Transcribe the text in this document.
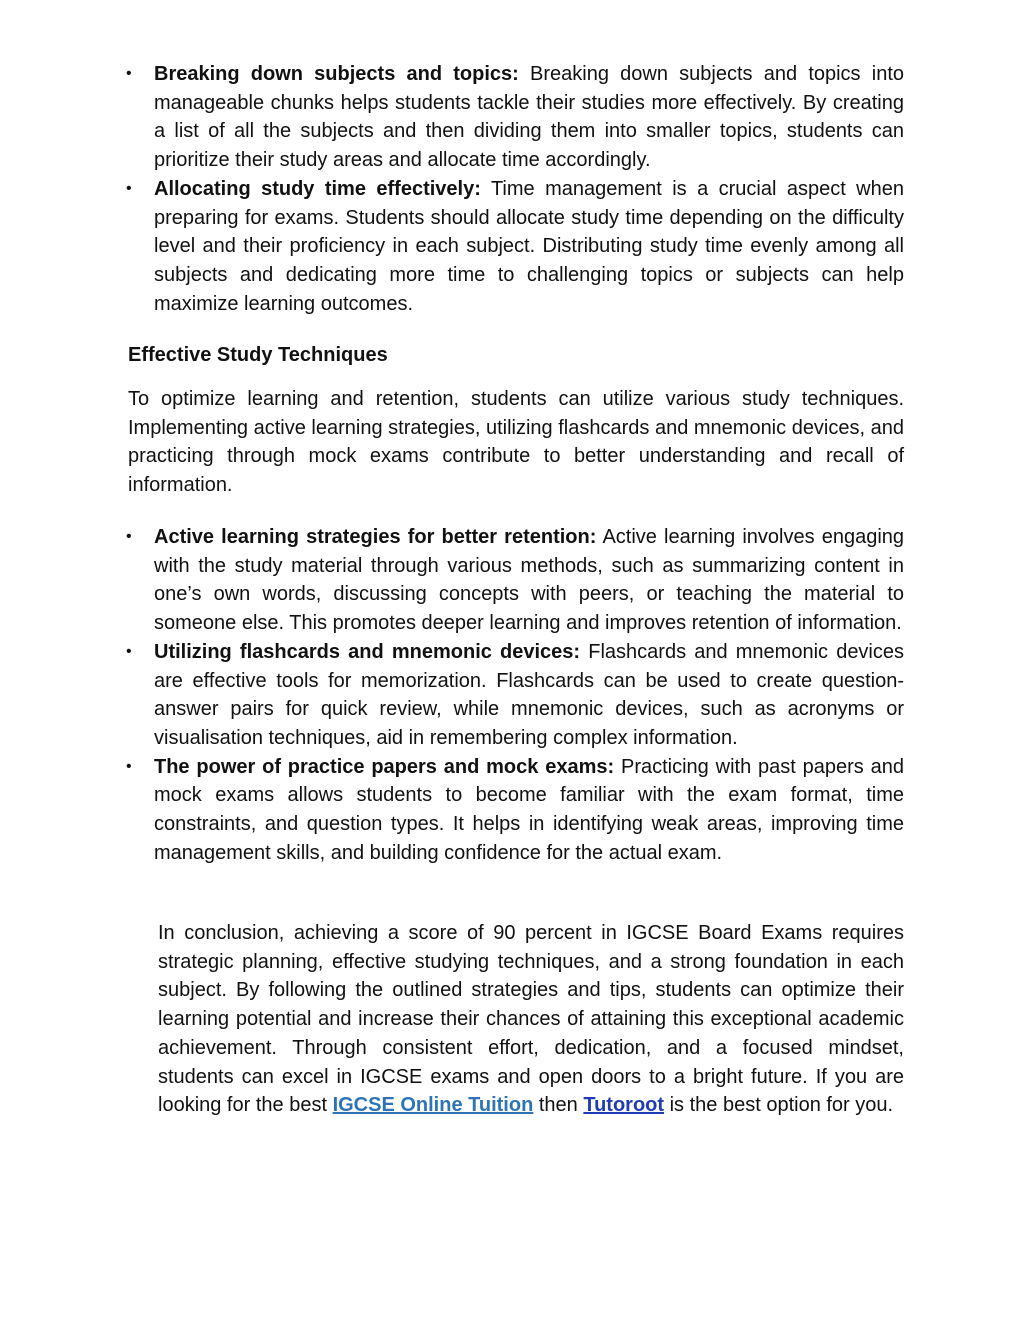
•	Breaking down subjects and topics: Breaking down subjects and topics into manageable chunks helps students tackle their studies more effectively. By creating a list of all the subjects and then dividing them into smaller topics, students can prioritize their study areas and allocate time accordingly.
•	Allocating study time effectively: Time management is a crucial aspect when preparing for exams. Students should allocate study time depending on the difficulty level and their proficiency in each subject. Distributing study time evenly among all subjects and dedicating more time to challenging topics or subjects can help maximize learning outcomes.
Effective Study Techniques

To optimize learning and retention, students can utilize various study techniques. Implementing active learning strategies, utilizing flashcards and mnemonic devices, and practicing through mock exams contribute to better understanding and recall of information.

•	Active learning strategies for better retention: Active learning involves engaging with the study material through various methods, such as summarizing content in one’s own words, discussing concepts with peers, or teaching the material to someone else. This promotes deeper learning and improves retention of information.
•	Utilizing flashcards and mnemonic devices: Flashcards and mnemonic devices are effective tools for memorization. Flashcards can be used to create question-answer pairs for quick review, while mnemonic devices, such as acronyms or visualisation techniques, aid in remembering complex information.
•	The power of practice papers and mock exams: Practicing with past papers and mock exams allows students to become familiar with the exam format, time constraints, and question types. It helps in identifying weak areas, improving time management skills, and building confidence for the actual exam.

In conclusion, achieving a score of 90 percent in IGCSE Board Exams requires strategic planning, effective studying techniques, and a strong foundation in each subject. By following the outlined strategies and tips, students can optimize their learning potential and increase their chances of attaining this exceptional academic achievement. Through consistent effort, dedication, and a focused mindset, students can excel in IGCSE exams and open doors to a bright future. If you are looking for the best IGCSE Online Tuition then Tutoroot is the best option for you.
